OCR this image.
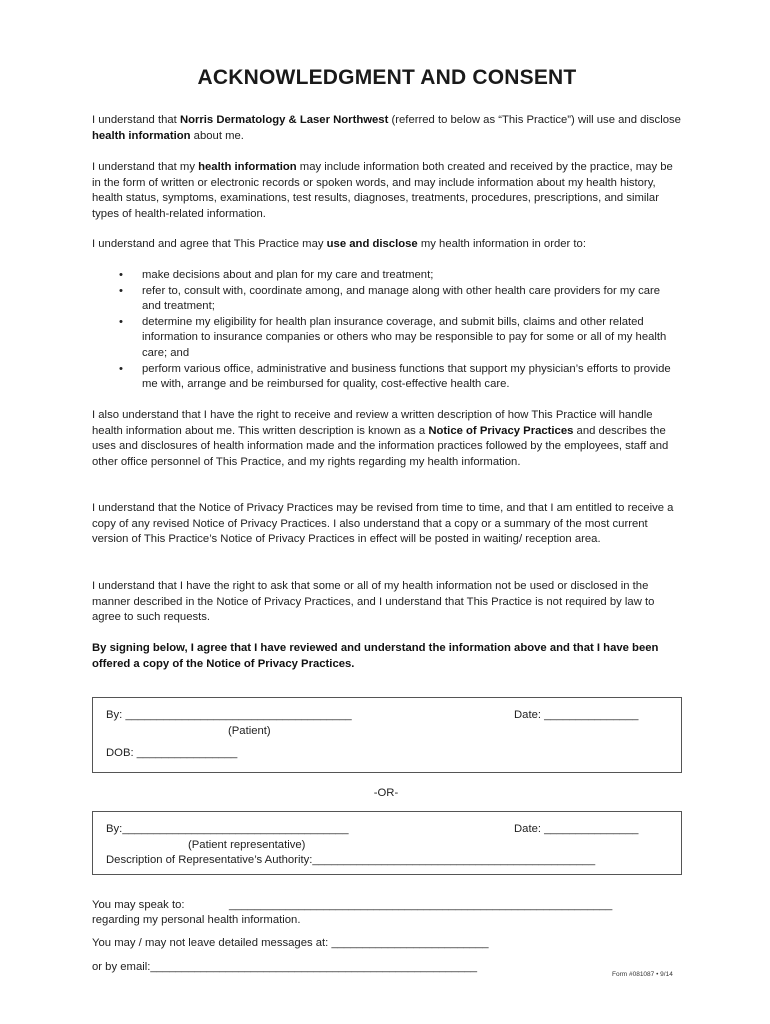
ACKNOWLEDGMENT AND CONSENT

I understand that Norris Dermatology & Laser Northwest (referred to below as “This Practice”) will use and disclose health information about me.

I understand that my health information may include information both created and received by the practice, may be in the form of written or electronic records or spoken words, and may include information about my health history, health status, symptoms, examinations, test results, diagnoses, treatments, procedures, prescriptions, and similar types of health-related information.

I understand and agree that This Practice may use and disclose my health information in order to:

• make decisions about and plan for my care and treatment;
• refer to, consult with, coordinate among, and manage along with other health care providers for my care and treatment;
• determine my eligibility for health plan insurance coverage, and submit bills, claims and other related information to insurance companies or others who may be responsible to pay for some or all of my health care; and
• perform various office, administrative and business functions that support my physician’s efforts to provide me with, arrange and be reimbursed for quality, cost-effective health care.

I also understand that I have the right to receive and review a written description of how This Practice will handle health information about me. This written description is known as a Notice of Privacy Practices and describes the uses and disclosures of health information made and the information practices followed by the employees, staff and other office personnel of This Practice, and my rights regarding my health information.

I understand that the Notice of Privacy Practices may be revised from time to time, and that I am entitled to receive a copy of any revised Notice of Privacy Practices. I also understand that a copy or a summary of the most current version of This Practice’s Notice of Privacy Practices in effect will be posted in waiting/ reception area.

I understand that I have the right to ask that some or all of my health information not be used or disclosed in the manner described in the Notice of Privacy Practices, and I understand that This Practice is not required by law to agree to such requests.

By signing below, I agree that I have reviewed and understand the information above and that I have been offered a copy of the Notice of Privacy Practices.

By: ____________________________________	Date: _______________
(Patient)
DOB: ________________
-OR-
By:____________________________________	Date: _______________
(Patient representative)
Description of Representative’s Authority:_____________________________________________
You may speak to:	_____________________________________________________________
regarding my personal health information.
You may / may not leave detailed messages at: _________________________
or by email:____________________________________________________
Form #081087 • 9/14
